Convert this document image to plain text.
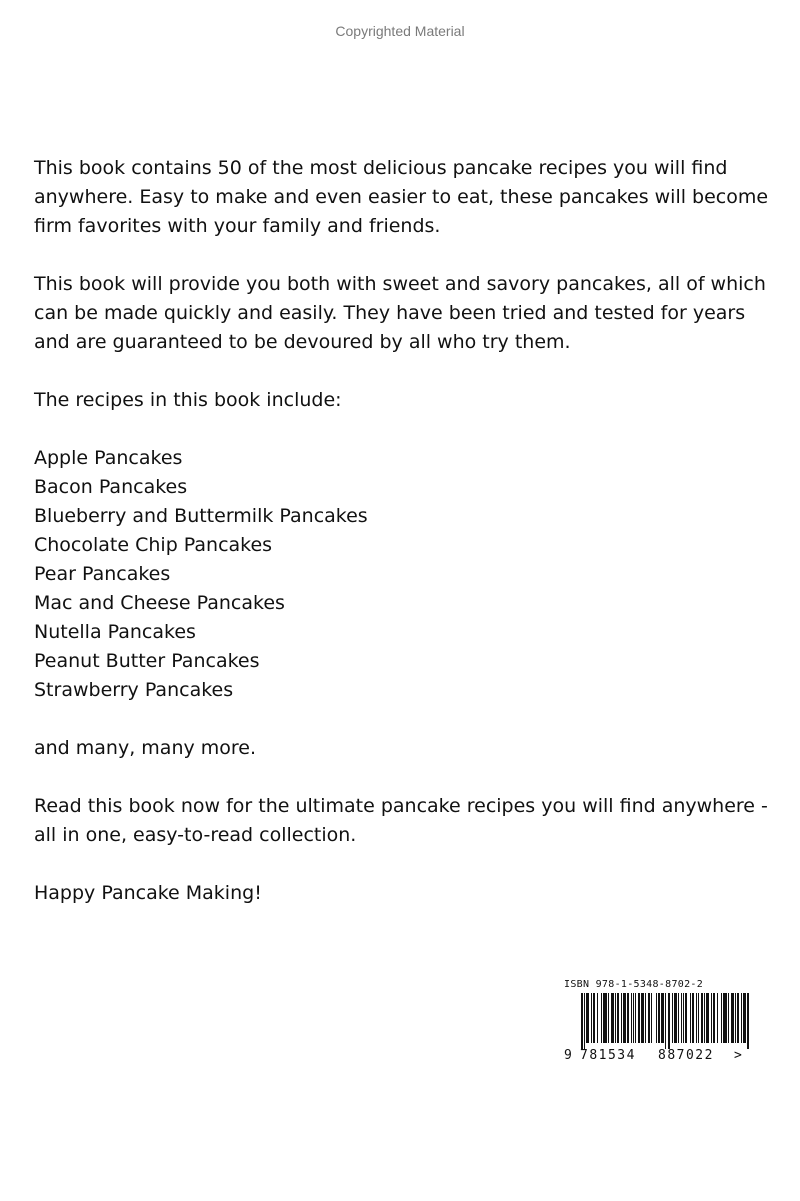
Copyrighted Material

This book contains 50 of the most delicious pancake recipes you will find anywhere. Easy to make and even easier to eat, these pancakes will become firm favorites with your family and friends.

This book will provide you both with sweet and savory pancakes, all of which can be made quickly and easily. They have been tried and tested for years and are guaranteed to be devoured by all who try them.

The recipes in this book include:

Apple Pancakes
Bacon Pancakes
Blueberry and Buttermilk Pancakes
Chocolate Chip Pancakes
Pear Pancakes
Mac and Cheese Pancakes
Nutella Pancakes
Peanut Butter Pancakes
Strawberry Pancakes

and many, many more.

Read this book now for the ultimate pancake recipes you will find anywhere - all in one, easy-to-read collection.

Happy Pancake Making!

ISBN 978-1-5348-8702-2
9 781534 887022 >
